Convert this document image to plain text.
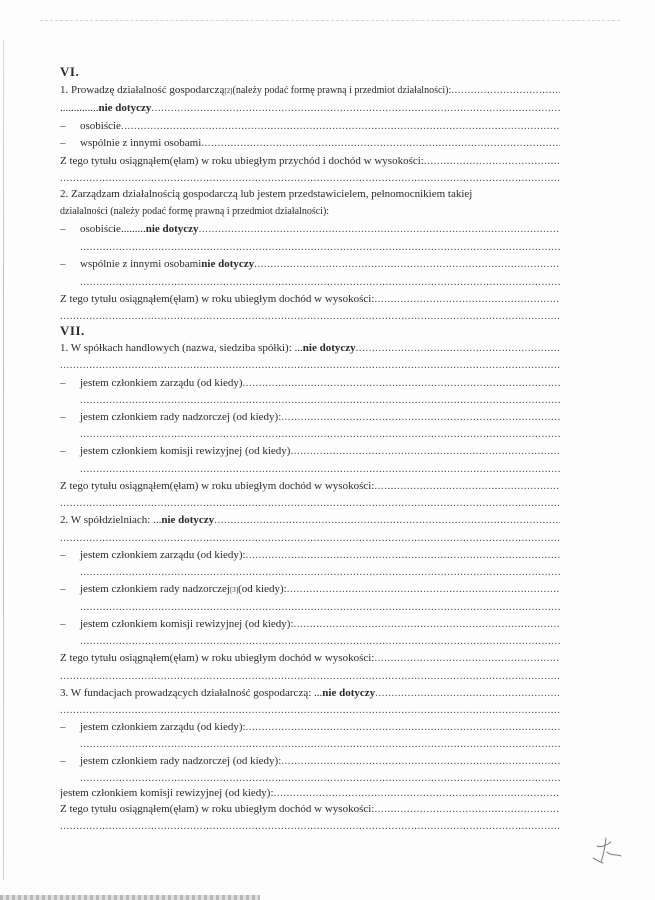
VI.
1. Prowadzę działalność gospodarczą [2] (należy podać formę prawną i przedmiot działalności):
.....
.............. nie dotyczy
.....
–	osobiście
.....
–	wspólnie z innymi osobami
.....
Z tego tytułu osiągnąłem(ęłam) w roku ubiegłym przychód i dochód w wysokości:
.....
.....
2. Zarządzam działalnością gospodarczą lub jestem przedstawicielem, pełnomocnikiem takiej
działalności (należy podać formę prawną i przedmiot działalności):
–	osobiście......... nie dotyczy
.....
.....
–	wspólnie z innymi osobami nie dotyczy
.....
.....
Z tego tytułu osiągnąłem(ęłam) w roku ubiegłym dochód w wysokości:
.....
.....
VII.
1. W spółkach handlowych (nazwa, siedziba spółki): ... nie dotyczy
.....
.....
–	jestem członkiem zarządu (od kiedy)
.....
.....
–	jestem członkiem rady nadzorczej (od kiedy):
.....
.....
–	jestem członkiem komisji rewizyjnej (od kiedy)
.....
.....
Z tego tytułu osiągnąłem(ęłam) w roku ubiegłym dochód w wysokości:
.....
.....
2. W spółdzielniach: ... nie dotyczy
.....
.....
–	jestem członkiem zarządu (od kiedy):
.....
.....
–	jestem członkiem rady nadzorczej [3] (od kiedy):
.....
.....
–	jestem członkiem komisji rewizyjnej (od kiedy):
.....
.....
Z tego tytułu osiągnąłem(ęłam) w roku ubiegłym dochód w wysokości:
.....
.....
3. W fundacjach prowadzących działalność gospodarczą: ... nie dotyczy
.....
.....
–	jestem członkiem zarządu (od kiedy):
.....
.....
–	jestem członkiem rady nadzorczej (od kiedy):
.....
.....
jestem członkiem komisji rewizyjnej (od kiedy):
.....
Z tego tytułu osiągnąłem(ęłam) w roku ubiegłym dochód w wysokości:
.....
.....
